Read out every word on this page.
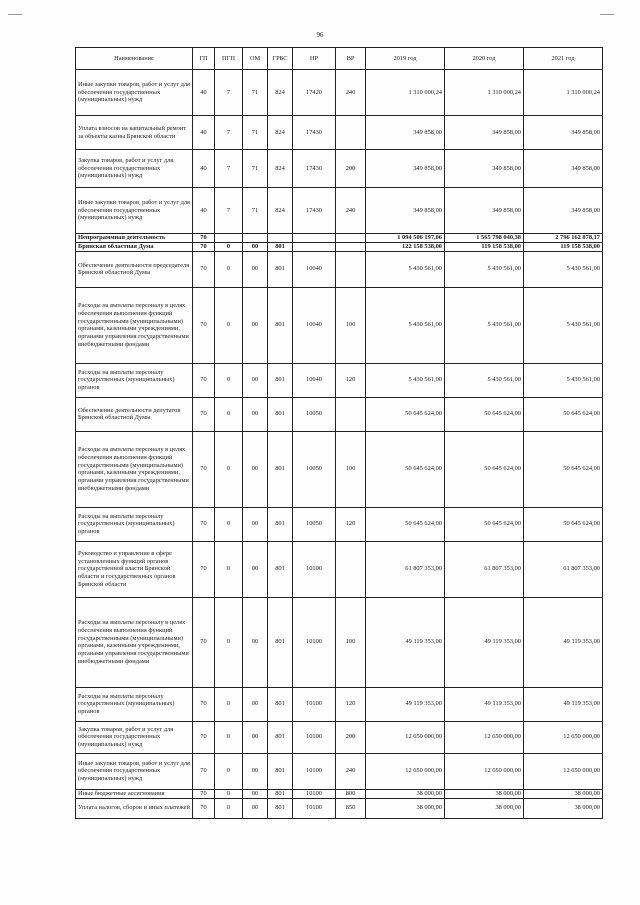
96
Наименование	ГП	ПГП	ОМ	ГРБС	НР	ВР	2019 год	2020 год	2021 год
Иные закупки товаров, работ и услуг для обеспечения государственных (муниципальных) нужд	40	7	71	824	17420	240	1 310 000,24	1 310 000,24	1 310 000,24
Уплата взносов на капитальный ремонт за объекты казны Брянской области	40	7	71	824	17430		349 858,00	349 858,00	349 858,00
Закупка товаров, работ и услуг для обеспечения государственных (муниципальных) нужд	40	7	71	824	17430	200	349 858,00	349 858,00	349 858,00
Иные закупки товаров, работ и услуг для обеспечения государственных (муниципальных) нужд	40	7	71	824	17430	240	349 858,00	349 858,00	349 858,00
Непрограммная деятельность	70						1 094 506 197,06	1 565 798 040,38	2 796 162 878,17
Брянская областная Дума	70	0	00	801			122 158 538,00	119 158 538,00	119 158 538,00
Обеспечение деятельности председателя Брянской областной Думы	70	0	00	801	10040		5 430 561,00	5 430 561,00	5 430 561,00
Расходы на выплаты персоналу в целях обеспечения выполнения функций государственными (муниципальными) органами, казенными учреждениями, органами управления государственными внебюджетными фондами	70	0	00	801	10040	100	5 430 561,00	5 430 561,00	5 430 561,00
Расходы на выплаты персоналу государственных (муниципальных) органов	70	0	00	801	10040	120	5 430 561,00	5 430 561,00	5 430 561,00
Обеспечение деятельности депутатов Брянской областной Думы	70	0	00	801	10050		50 645 624,00	50 645 624,00	50 645 624,00
Расходы на выплаты персоналу в целях обеспечения выполнения функций государственными (муниципальными) органами, казенными учреждениями, органами управления государственными внебюджетными фондами	70	0	00	801	10050	100	50 645 624,00	50 645 624,00	50 645 624,00
Расходы на выплаты персоналу государственных (муниципальных) органов	70	0	00	801	10050	120	50 645 624,00	50 645 624,00	50 645 624,00
Руководство и управление в сфере установленных функций органов государственной власти Брянской области и государственных органов Брянской области	70	0	00	801	10100		61 807 353,00	61 807 353,00	61 807 353,00
Расходы на выплаты персоналу в целях обеспечения выполнения функций государственными (муниципальными) органами, казенными учреждениями, органами управления государственными внебюджетными фондами	70	0	00	801	10100	100	49 119 353,00	49 119 353,00	49 119 353,00
Расходы на выплаты персоналу государственных (муниципальных) органов	70	0	00	801	10100	120	49 119 353,00	49 119 353,00	49 119 353,00
Закупка товаров, работ и услуг для обеспечения государственных (муниципальных) нужд	70	0	00	801	10100	200	12 650 000,00	12 650 000,00	12 650 000,00
Иные закупки товаров, работ и услуг для обеспечения государственных (муниципальных) нужд	70	0	00	801	10100	240	12 650 000,00	12 650 000,00	12 650 000,00
Иные бюджетные ассигнования	70	0	00	801	10100	800	38 000,00	38 000,00	38 000,00
Уплата налогов, сборов и иных платежей	70	0	00	801	10100	850	38 000,00	38 000,00	38 000,00
